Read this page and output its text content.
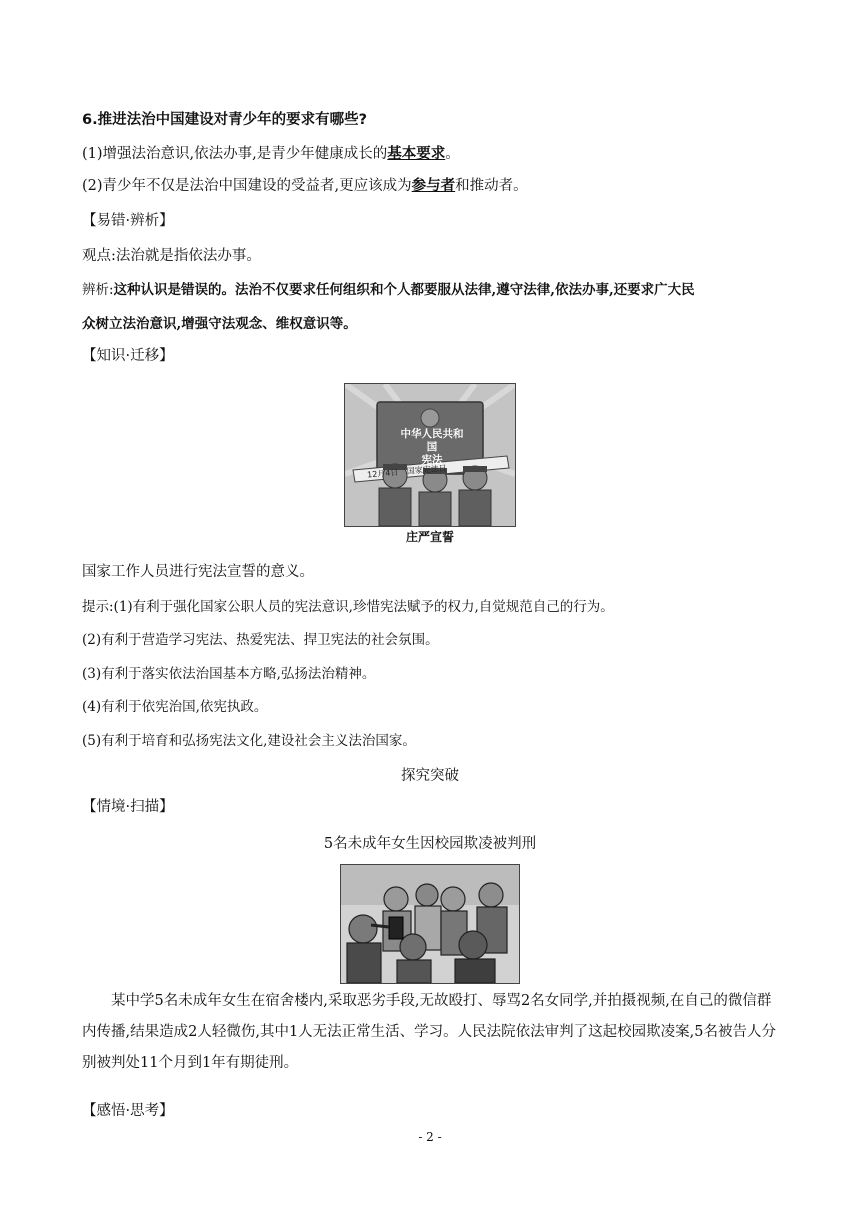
6.推进法治中国建设对青少年的要求有哪些?
(1)增强法治意识,依法办事,是青少年健康成长的基本要求。
(2)青少年不仅是法治中国建设的受益者,更应该成为参与者和推动者。
【易错·辨析】
观点:法治就是指依法办事。
辨析:这种认识是错误的。法治不仅要求任何组织和个人都要服从法律,遵守法律,依法办事,还要求广大民
众树立法治意识,增强守法观念、维权意识等。
【知识·迁移】
中华人民共和国
宪法
12月4日 国家宪法日
庄严宣誓
国家工作人员进行宪法宣誓的意义。
提示:(1)有利于强化国家公职人员的宪法意识,珍惜宪法赋予的权力,自觉规范自己的行为。
(2)有利于营造学习宪法、热爱宪法、捍卫宪法的社会氛围。
(3)有利于落实依法治国基本方略,弘扬法治精神。
(4)有利于依宪治国,依宪执政。
(5)有利于培育和弘扬宪法文化,建设社会主义法治国家。
探究突破
【情境·扫描】
5名未成年女生因校园欺凌被判刑
某中学5名未成年女生在宿舍楼内,采取恶劣手段,无故殴打、辱骂2名女同学,并拍摄视频,在自己的微信群内传播,结果造成2人轻微伤,其中1人无法正常生活、学习。人民法院依法审判了这起校园欺凌案,5名被告人分别被判处11个月到1年有期徒刑。
【感悟·思考】
- 2 -
